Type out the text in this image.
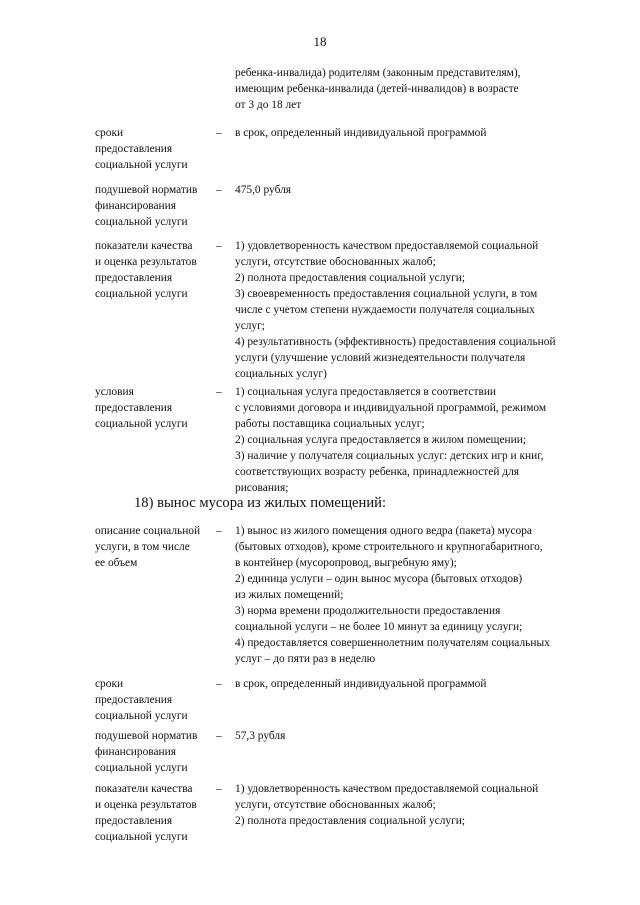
18
ребенка-инвалида) родителям (законным представителям),
имеющим ребенка-инвалида (детей-инвалидов) в возрасте
от 3 до 18 лет
сроки
предоставления
социальной услуги
– в срок, определенный индивидуальной программой
подушевой норматив
финансирования
социальной услуги
– 475,0 рубля
показатели качества
и оценка результатов
предоставления
социальной услуги
– 1) удовлетворенность качеством предоставляемой социальной
услуги, отсутствие обоснованных жалоб;
2) полнота предоставления социальной услуги;
3) своевременность предоставления социальной услуги, в том
числе с учетом степени нуждаемости получателя социальных
услуг;
4) результативность (эффективность) предоставления социальной
услуги (улучшение условий жизнедеятельности получателя
социальных услуг)
условия
предоставления
социальной услуги
– 1) социальная услуга предоставляется в соответствии
с условиями договора и индивидуальной программой, режимом
работы поставщика социальных услуг;
2) социальная услуга предоставляется в жилом помещении;
3) наличие у получателя социальных услуг: детских игр и книг,
соответствующих возрасту ребенка, принадлежностей для
рисования;
18) вынос мусора из жилых помещений:
описание социальной
услуги, в том числе
ее объем
– 1) вынос из жилого помещения одного ведра (пакета) мусора
(бытовых отходов), кроме строительного и крупногабаритного,
в контейнер (мусоропровод, выгребную яму);
2) единица услуги – один вынос мусора (бытовых отходов)
из жилых помещений;
3) норма времени продолжительности предоставления
социальной услуги – не более 10 минут за единицу услуги;
4) предоставляется совершеннолетним получателям социальных
услуг – до пяти раз в неделю
сроки
предоставления
социальной услуги
– в срок, определенный индивидуальной программой
подушевой норматив
финансирования
социальной услуги
– 57,3 рубля
показатели качества
и оценка результатов
предоставления
социальной услуги
– 1) удовлетворенность качеством предоставляемой социальной
услуги, отсутствие обоснованных жалоб;
2) полнота предоставления социальной услуги;
